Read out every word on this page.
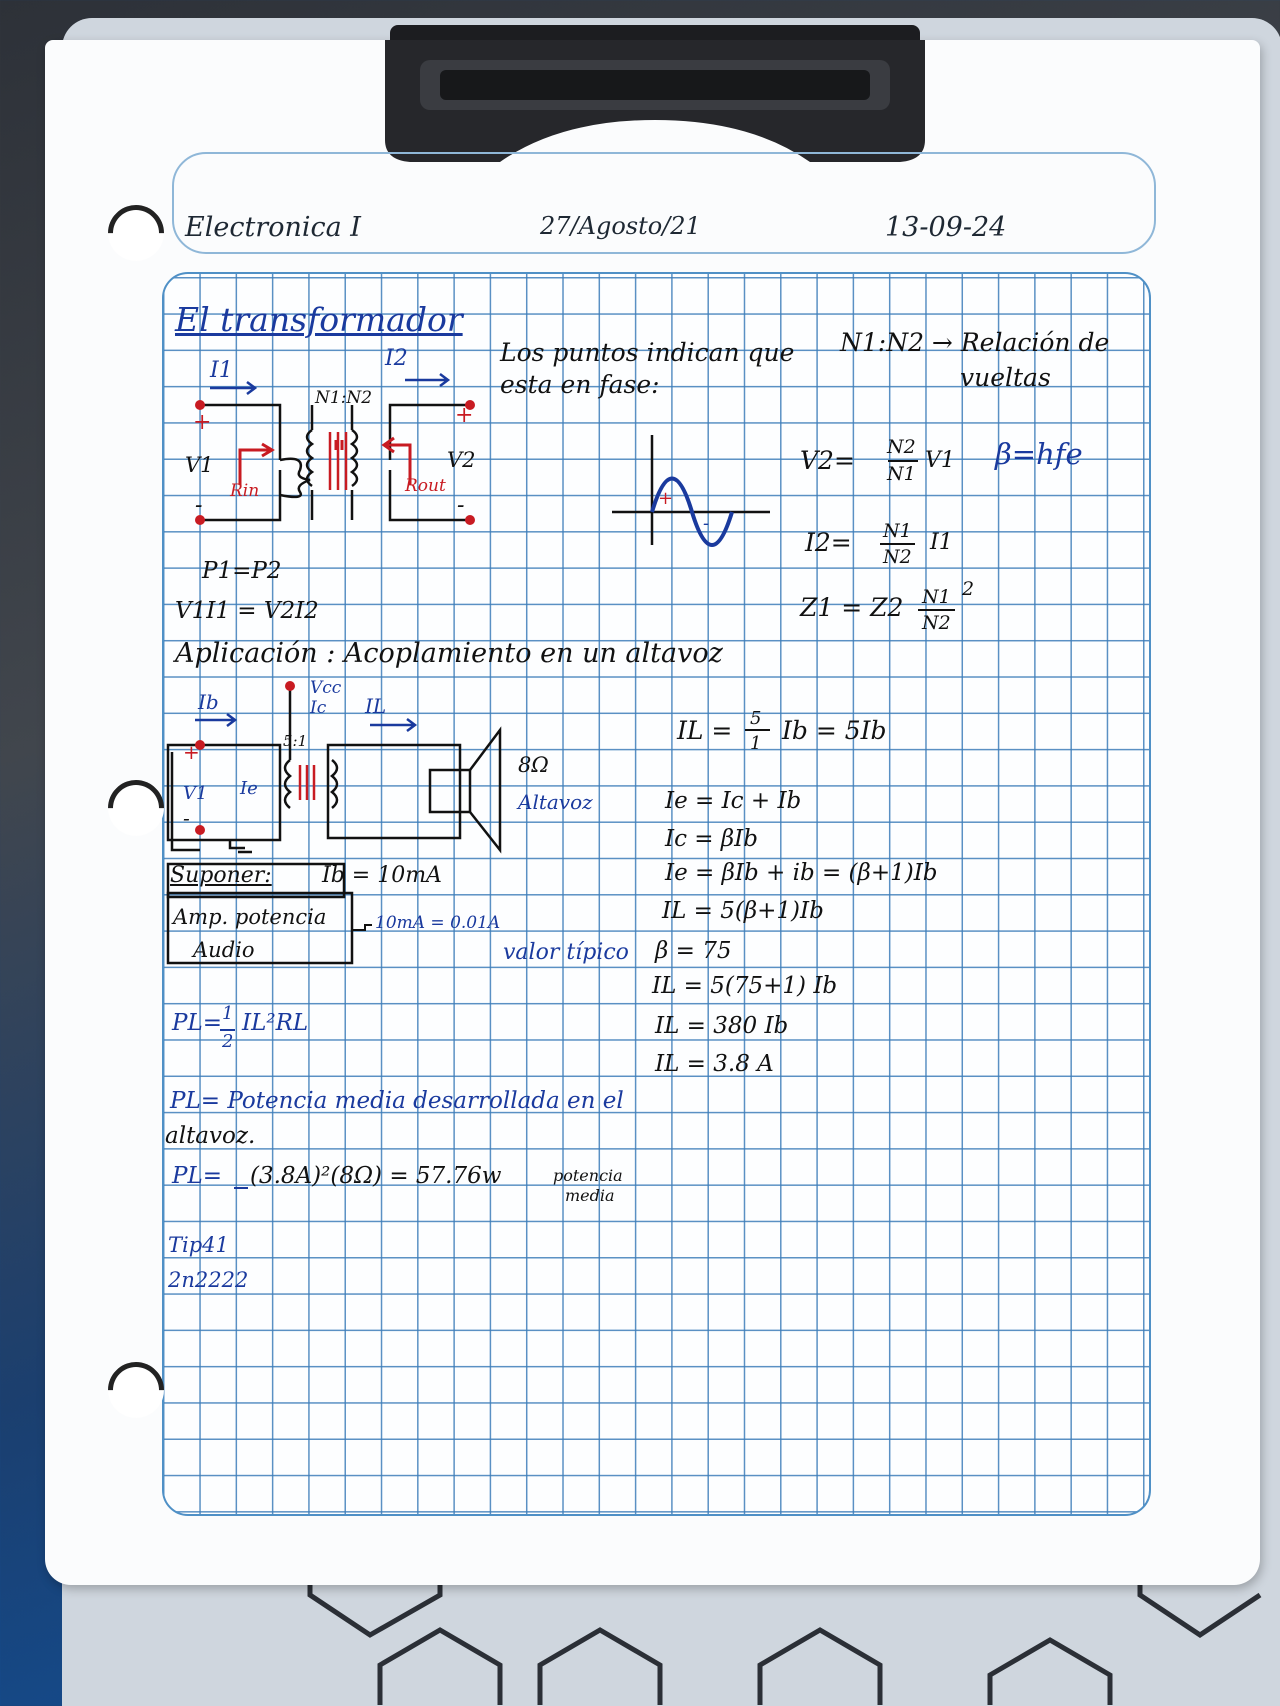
Electronica I	27/Agosto/21	13-09-24
El transformador
I1	I2
N1:N2
+
-
+
-
V1	V2
Rin	Rout
P1=P2
V1I1 = V2I2
Los puntos indican que
esta en fase:
N1:N2 → Relación de
vueltas
+
-
V2= N2
N1
V1 β=hfe
I2= N1
N2
I1
Z1 = Z2 N1
N2
2
Aplicación : Acoplamiento en un altavoz
Ib
Vcc
Ic IL
5:1
+
-
V1 Ie
8Ω
Altavoz
Suponer: Ib = 10mA
Amp. potencia
Audio
10mA = 0.01A
valor típico
IL = 5
1 Ib = 5Ib
Ie = Ic + Ib
Ic = βIb
Ie = βIb + ib = (β+1)Ib
IL = 5(β+1)Ib
β = 75
IL = 5(75+1) Ib
IL = 380 Ib
IL = 3.8 A
PL= 1
2
IL²RL
PL= Potencia media desarrollada en el
altavoz.
PL= (3.8A)²(8Ω) = 57.76w	potencia
media
Tip41
2n2222
